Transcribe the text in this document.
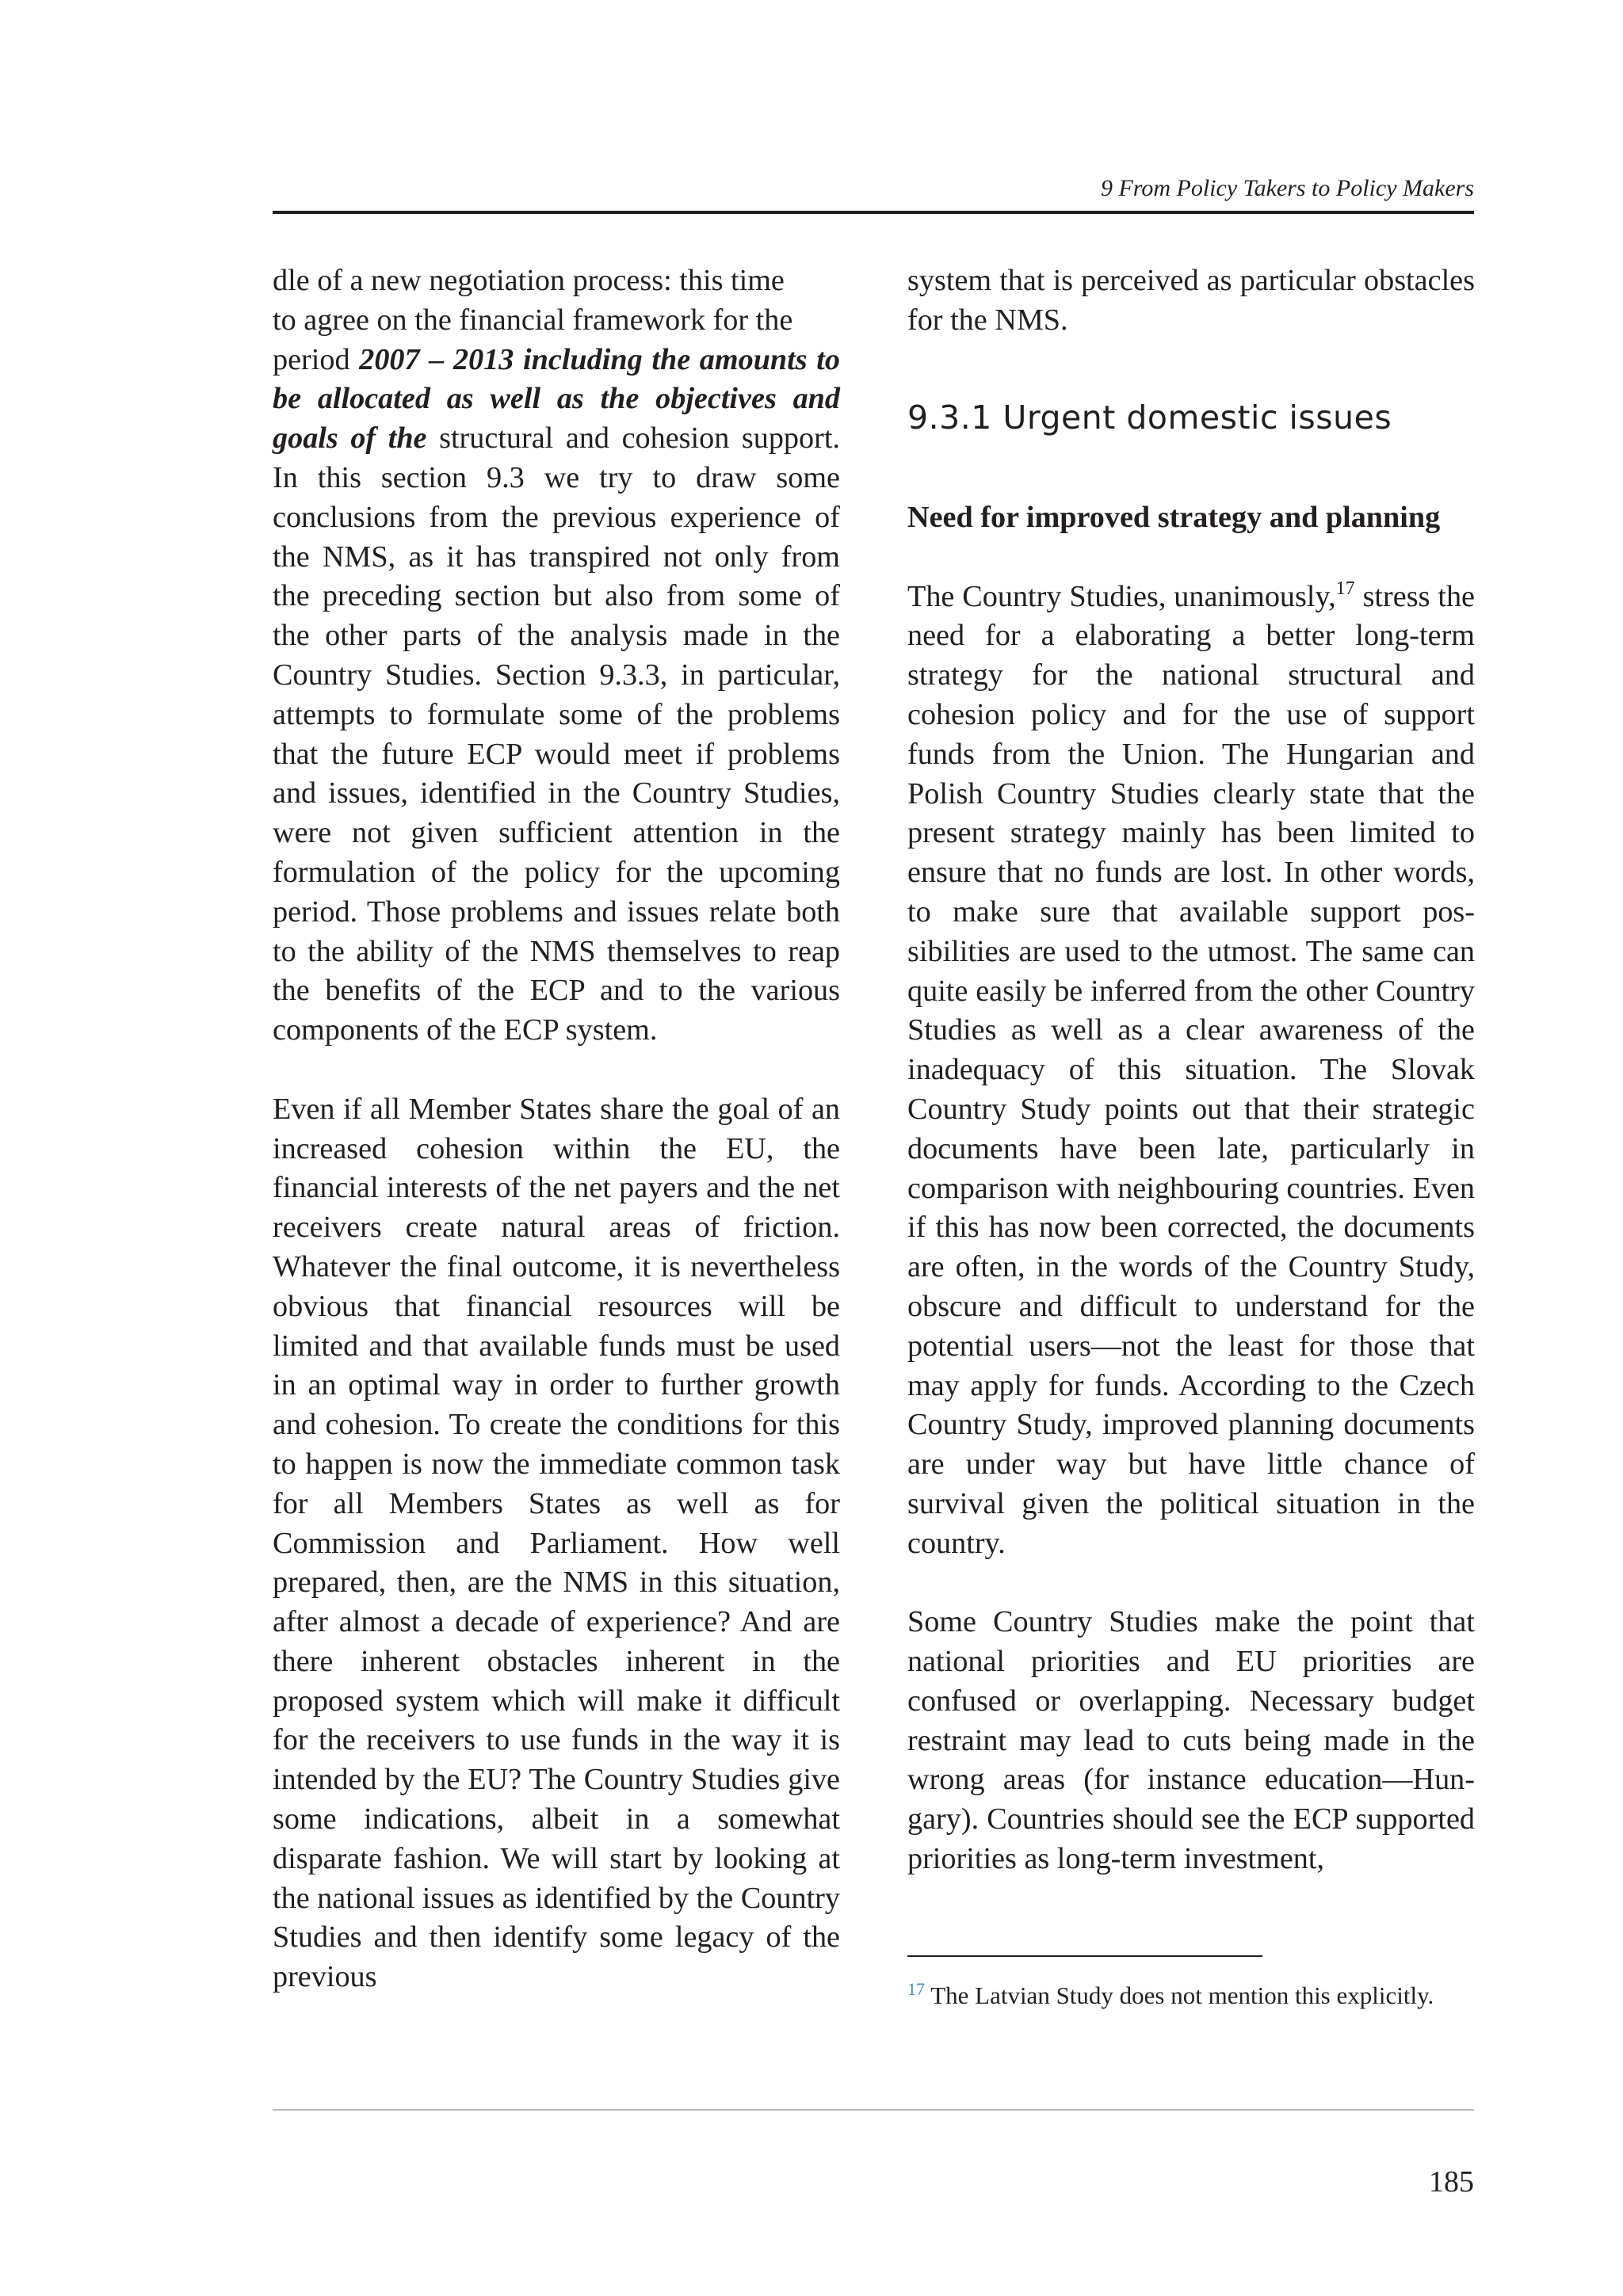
9 From Policy Takers to Policy Makers

dle of a new negotiation process: this time
to agree on the financial framework for the
period 2007 – 2013 including the amounts to be allocated as well as the objectives and goals of the structural and cohesion support. In this section 9.3 we try to draw some conclusions from the previous experience of the NMS, as it has transpired not only from the preceding section but also from some of the other parts of the analysis made in the Country Studies. Section 9.3.3, in particular, attempts to formulate some of the problems that the future ECP would meet if problems and issues, identified in the Country Studies, were not given sufficient attention in the formulation of the policy for the upcoming period. Those problems and issues relate both to the ability of the NMS themselves to reap the benefits of the ECP and to the various components of the ECP system.

Even if all Member States share the goal of an increased cohesion within the EU, the financial interests of the net payers and the net receivers create natural areas of friction. Whatever the final outcome, it is nevertheless obvious that financial resources will be limited and that available funds must be used in an optimal way in order to further growth and cohesion. To create the conditions for this to happen is now the immediate common task for all Members States as well as for Commission and Parliament. How well prepared, then, are the NMS in this situation, after almost a decade of experience? And are there inherent obstacles inherent in the proposed system which will make it difficult for the receivers to use funds in the way it is intended by the EU? The Country Studies give some indications, albeit in a somewhat disparate fashion. We will start by looking at the national issues as identified by the Country Studies and then identify some legacy of the previous

system that is perceived as particular obstacles for the NMS.

9.3.1 Urgent domestic issues
Need for improved strategy and planning

The Country Studies, unanimously,$^{17}$ stress the need for a elaborating a better long-term strategy for the national structural and cohesion policy and for the use of support funds from the Union. The Hungarian and Polish Country Studies clearly state that the present strategy mainly has been limited to ensure that no funds are lost. In other words, to make sure that available support possibilities are used to the utmost. The same can quite easily be inferred from the other Country Studies as well as a clear awareness of the inadequacy of this situation. The Slovak Country Study points out that their strategic documents have been late, particularly in comparison with neighbouring countries. Even if this has now been corrected, the documents are often, in the words of the Country Study, obscure and difficult to understand for the potential users—not the least for those that may apply for funds. According to the Czech Country Study, improved planning documents are under way but have little chance of survival given the political situation in the country.

Some Country Studies make the point that national priorities and EU priorities are confused or overlapping. Necessary budget restraint may lead to cuts being made in the wrong areas (for instance education—Hungary). Countries should see the ECP supported priorities as long-term investment,

$^{17}$ The Latvian Study does not mention this explicitly.
185
